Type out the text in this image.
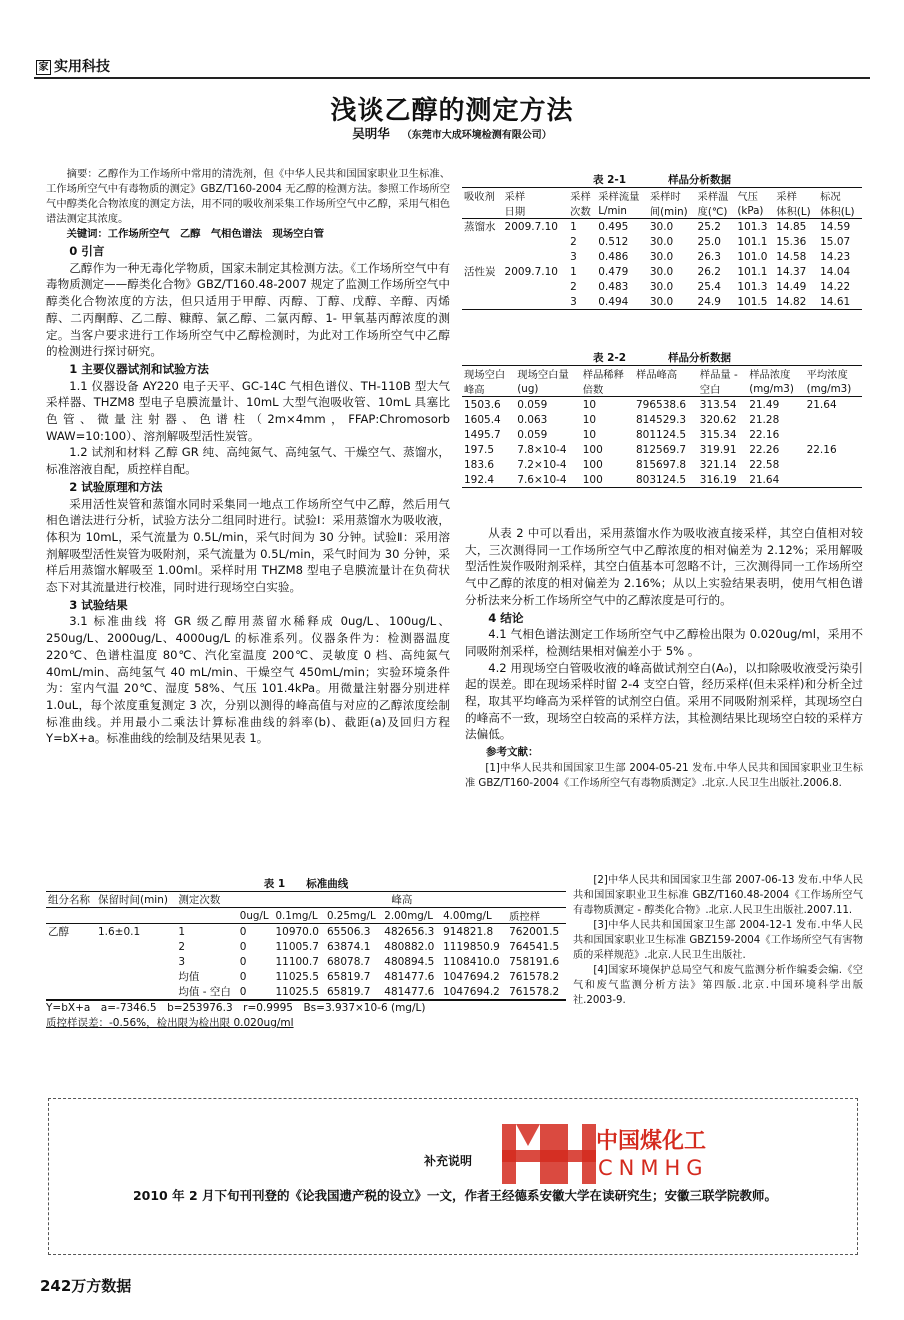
家 实用科技
浅谈乙醇的测定方法
吴明华 （东莞市大成环境检测有限公司）

摘要：乙醇作为工作场所中常用的清洗剂，但《中华人民共和国国家职业卫生标准、工作场所空气中有毒物质的测定》GBZ/T160-2004 无乙醇的检测方法。参照工作场所空气中醇类化合物浓度的测定方法，用不同的吸收剂采集工作场所空气中乙醇，采用气相色谱法测定其浓度。

关键词：工作场所空气　乙醇　气相色谱法　现场空白管

0 引言

乙醇作为一种无毒化学物质，国家未制定其检测方法。《工作场所空气中有毒物质测定——醇类化合物》GBZ/T160.48-2007 规定了监测工作场所空气中醇类化合物浓度的方法，但只适用于甲醇、丙醇、丁醇、戊醇、辛醇、丙烯醇、二丙酮醇、乙二醇、糠醇、氯乙醇、二氯丙醇、1- 甲氧基丙醇浓度的测定。当客户要求进行工作场所空气中乙醇检测时，为此对工作场所空气中乙醇的检测进行探讨研究。

1 主要仪器试剂和试验方法

1.1 仪器设备 AY220 电子天平、GC-14C 气相色谱仪、TH-110B 型大气采样器、THZM8 型电子皂膜流量计、10mL 大型气泡吸收管、10mL 具塞比色管、微量注射器、色谱柱（2m×4mm，FFAP:Chromosorb WAW=10:100）、溶剂解吸型活性炭管。

1.2 试剂和材料 乙醇 GR 纯、高纯氮气、高纯氢气、干燥空气、蒸馏水，标准溶液自配，质控样自配。

2 试验原理和方法

采用活性炭管和蒸馏水同时采集同一地点工作场所空气中乙醇，然后用气相色谱法进行分析，试验方法分二组同时进行。试验Ⅰ：采用蒸馏水为吸收液，体积为 10mL，采气流量为 0.5L/min，采气时间为 30 分钟。试验Ⅱ：采用溶剂解吸型活性炭管为吸附剂，采气流量为 0.5L/min，采气时间为 30 分钟，采样后用蒸馏水解吸至 1.00ml。采样时用 THZM8 型电子皂膜流量计在负荷状态下对其流量进行校准，同时进行现场空白实验。

3 试验结果

3.1 标准曲线 将 GR 级乙醇用蒸留水稀释成 0ug/L、100ug/L、250ug/L、2000ug/L、4000ug/L 的标准系列。仪器条件为：检测器温度 220℃、色谱柱温度 80℃、汽化室温度 200℃、灵敏度 0 档、高纯氮气 40mL/min、高纯氢气 40 mL/min、干燥空气 450mL/min；实验环境条件为：室内气温 20℃、湿度 58%、气压 101.4kPa。用微量注射器分别进样 1.0uL，每个浓度重复测定 3 次，分别以测得的峰高值与对应的乙醇浓度绘制标准曲线。并用最小二乘法计算标准曲线的斜率(b)、截距(a)及回归方程 Y=bX+a。标准曲线的绘制及结果见表 1。

表 1　　标准曲线
组分名称	保留时间(min)	测定次数	峰高					
			0ug/L	0.1mg/L	0.25mg/L	2.00mg/L	4.00mg/L	质控样
乙醇	1.6±0.1	1	0	10970.0	65506.3	482656.3	914821.8	762001.5
		2	0	11005.7	63874.1	480882.0	1119850.9	764541.5
		3	0	11100.7	68078.7	480894.5	1108410.0	758191.6
		均值	0	11025.5	65819.7	481477.6	1047694.2	761578.2
		均值 - 空白	0	11025.5	65819.7	481477.6	1047694.2	761578.2
Y=bX+a　a=-7346.5　b=253976.3　r=0.9995　Bs=3.937×10-6 (mg/L)
质控样误差：-0.56%，检出限为检出限 0.020ug/ml
表 2-1　　　　样品分析数据
吸收剂	采样	采样	采样流量	采样时	采样温	气压	采样	标况
	日期	次数	L/min	间(min)	度(℃)	(kPa)	体积(L)	体积(L)
蒸馏水	2009.7.10	1	0.495	30.0	25.2	101.3	14.85	14.59
		2	0.512	30.0	25.0	101.1	15.36	15.07
		3	0.486	30.0	26.3	101.0	14.58	14.23
活性炭	2009.7.10	1	0.479	30.0	26.2	101.1	14.37	14.04
		2	0.483	30.0	25.4	101.3	14.49	14.22
		3	0.494	30.0	24.9	101.5	14.82	14.61
表 2-2　　　　样品分析数据
现场空白	现场空白量	样品稀释	样品峰高	样品量 -	样品浓度	平均浓度
峰高	(ug)	倍数		空白	(mg/m3)	(mg/m3)
1503.6	0.059	10	796538.6	313.54	21.49	21.64
1605.4	0.063	10	814529.3	320.62	21.28	
1495.7	0.059	10	801124.5	315.34	22.16	
197.5	7.8×10-4	100	812569.7	319.91	22.26	22.16
183.6	7.2×10-4	100	815697.8	321.14	22.58	
192.4	7.6×10-4	100	803124.5	316.19	21.64	

从表 2 中可以看出，采用蒸馏水作为吸收液直接采样，其空白值相对较大，三次测得同一工作场所空气中乙醇浓度的相对偏差为 2.12%；采用解吸型活性炭作吸附剂采样，其空白值基本可忽略不计，三次测得同一工作场所空气中乙醇的浓度的相对偏差为 2.16%；从以上实验结果表明，使用气相色谱分析法来分析工作场所空气中的乙醇浓度是可行的。

4 结论

4.1 气相色谱法测定工作场所空气中乙醇检出限为 0.020ug/ml，采用不同吸附剂采样，检测结果相对偏差小于 5% 。

4.2 用现场空白管吸收液的峰高做试剂空白(A₀)，以扣除吸收液受污染引起的误差。即在现场采样时留 2-4 支空白管，经历采样(但未采样)和分析全过程，取其平均峰高为采样管的试剂空白值。采用不同吸附剂采样，其现场空白的峰高不一致，现场空白较高的采样方法，其检测结果比现场空白较的采样方法偏低。

参考文献：
[1]中华人民共和国国家卫生部 2004-05-21 发布.中华人民共和国国家职业卫生标准 GBZ/T160-2004《工作场所空气有毒物质测定》.北京.人民卫生出版社.2006.8.
[2]中华人民共和国国家卫生部 2007-06-13 发布.中华人民共和国国家职业卫生标准 GBZ/T160.48-2004《工作场所空气有毒物质测定 - 醇类化合物》.北京.人民卫生出版社.2007.11.
[3]中华人民共和国国家卫生部 2004-12-1 发布.中华人民共和国国家职业卫生标准 GBZ159-2004《工作场所空气有害物质的采样规范》.北京.人民卫生出版社.
[4]国家环境保护总局空气和废气监测分析作编委会编.《空气和废气监测分析方法》第四版.北京.中国环境科学出版社.2003-9.
补充说明
2010 年 2 月下旬刊刊登的《论我国遗产税的设立》一文，作者王经德系安徽大学在读研究生；安徽三联学院教师。
中国煤化工
CNMHG
242万方数据
